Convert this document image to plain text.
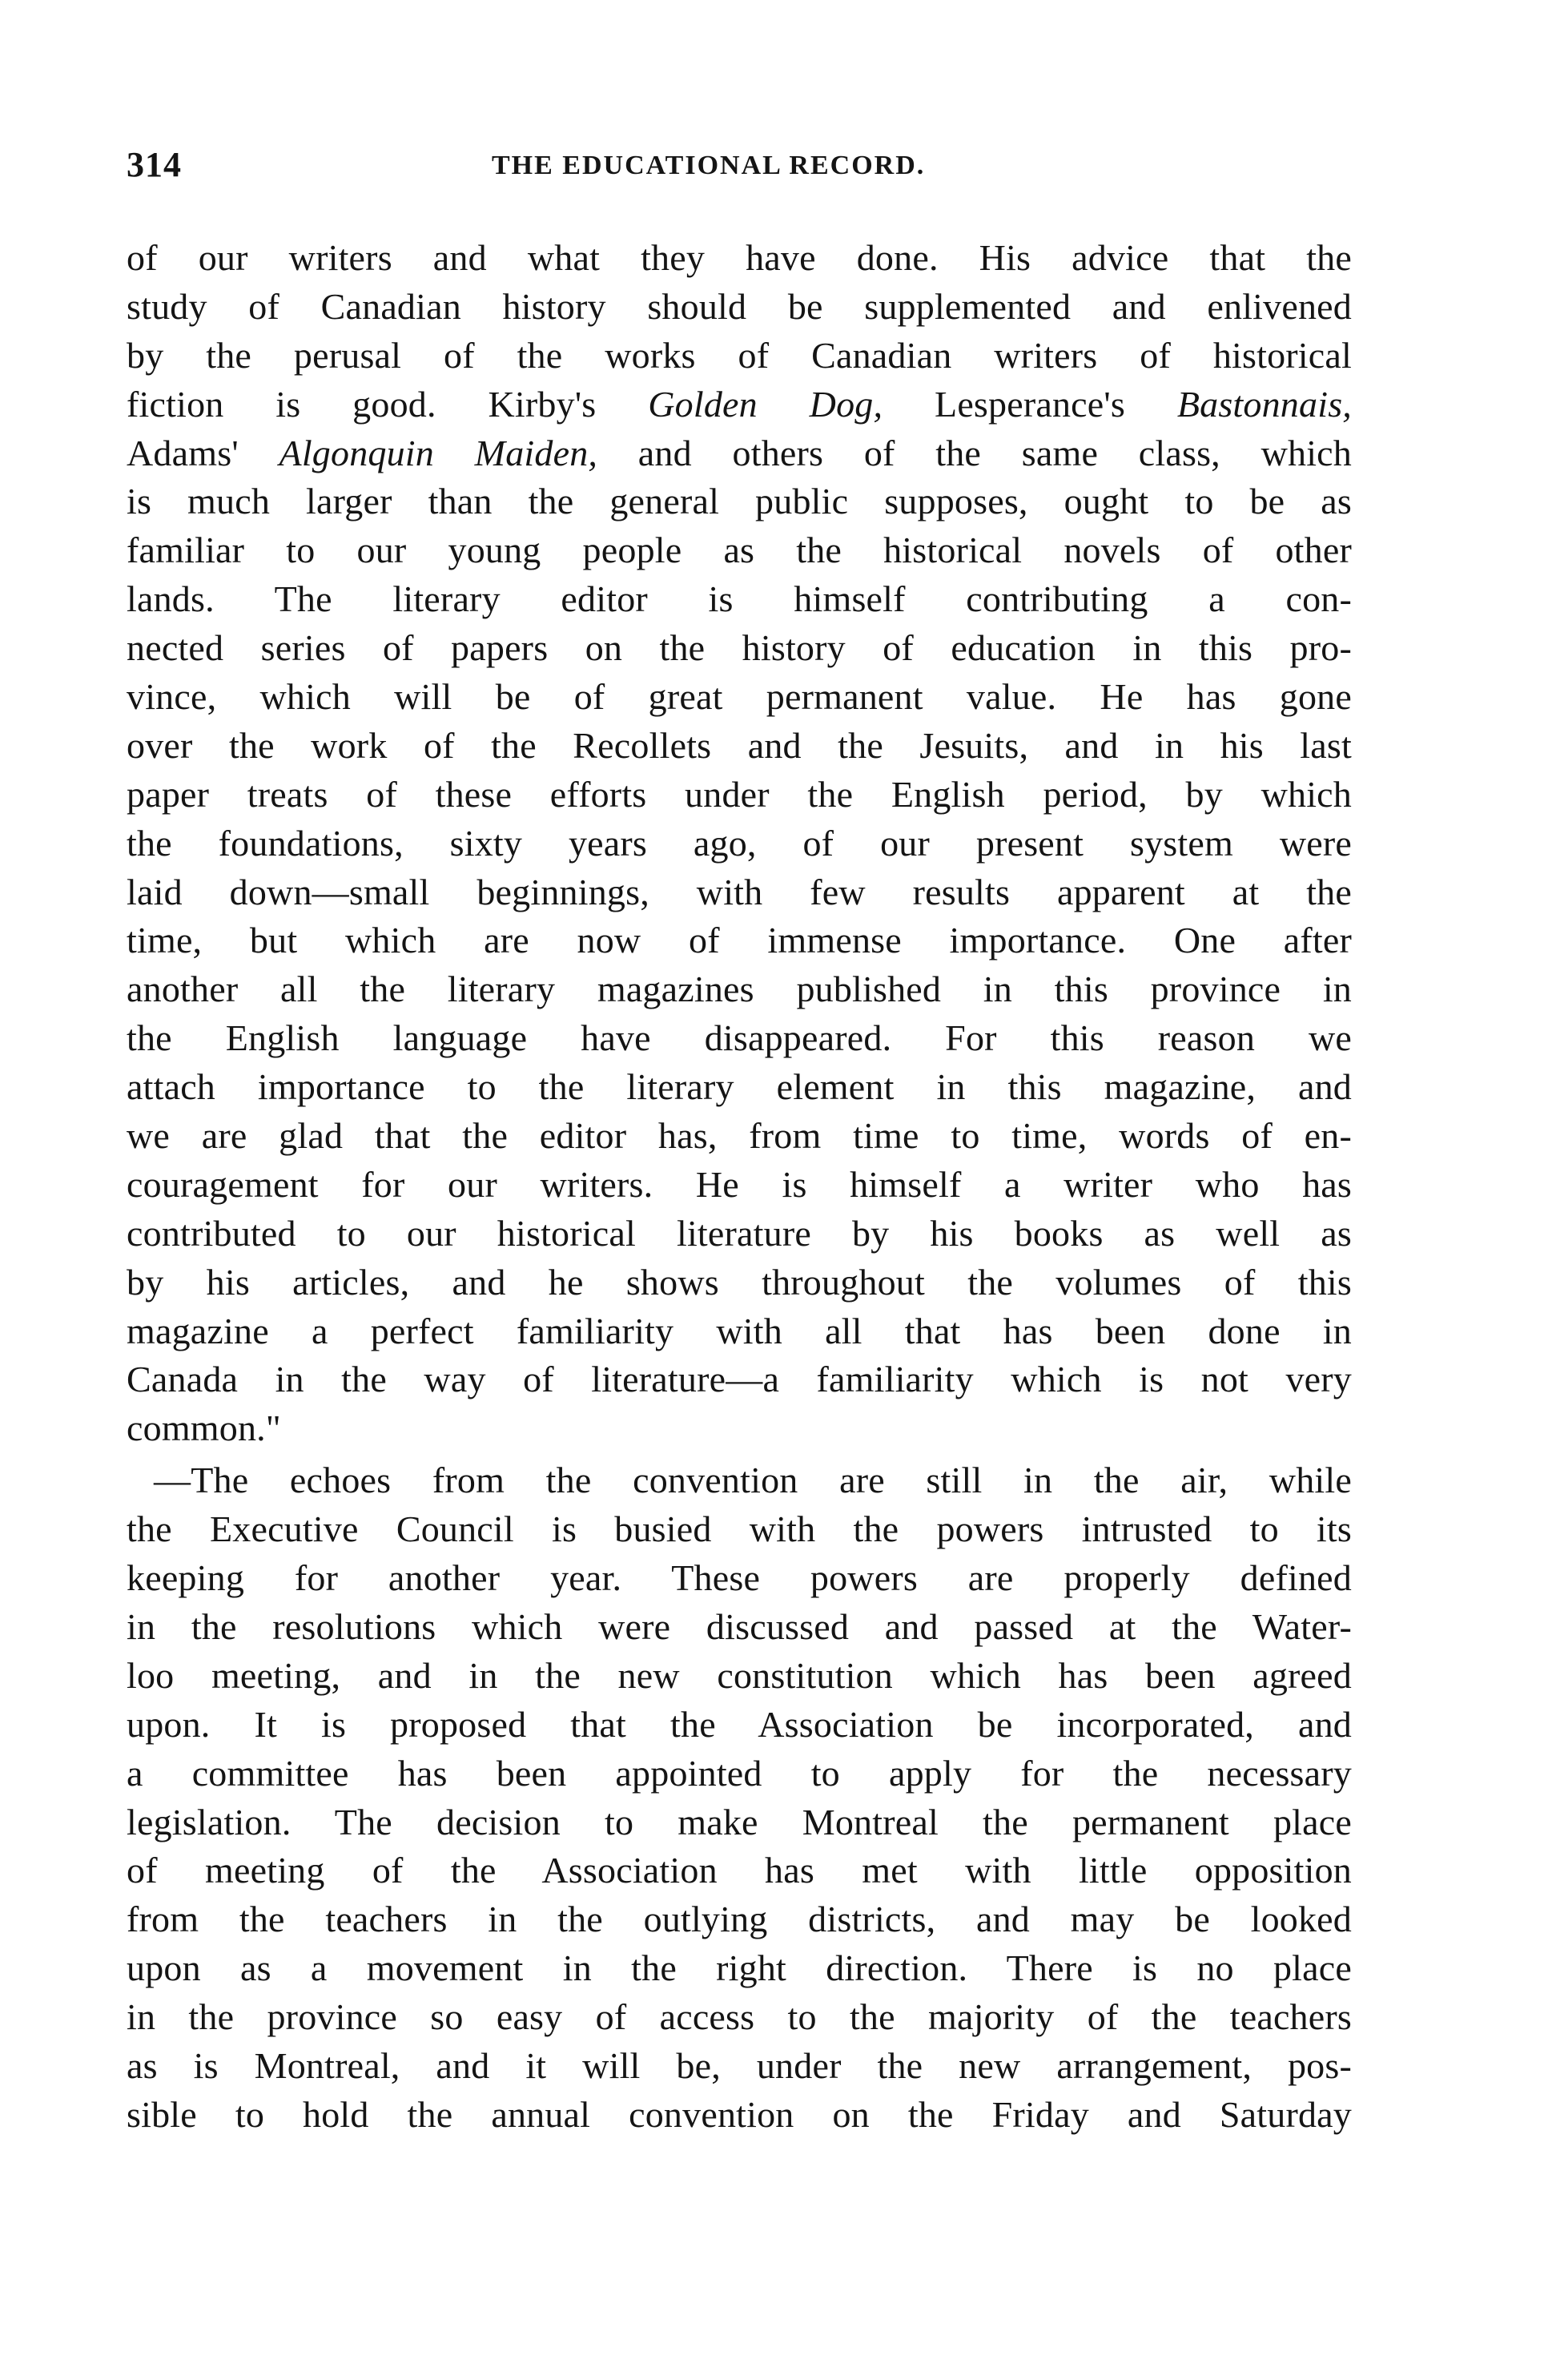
314	THE EDUCATIONAL RECORD.
of our writers and what they have done. His advice that the
study of Canadian history should be supplemented and enlivened
by the perusal of the works of Canadian writers of historical
fiction is good. Kirby's Golden Dog, Lesperance's Bastonnais,
Adams' Algonquin Maiden, and others of the same class, which
is much larger than the general public supposes, ought to be as
familiar to our young people as the historical novels of other
lands. The literary editor is himself contributing a con-
nected series of papers on the history of education in this pro-
vince, which will be of great permanent value. He has gone
over the work of the Recollets and the Jesuits, and in his last
paper treats of these efforts under the English period, by which
the foundations, sixty years ago, of our present system were
laid down—small beginnings, with few results apparent at the
time, but which are now of immense importance. One after
another all the literary magazines published in this province in
the English language have disappeared. For this reason we
attach importance to the literary element in this magazine, and
we are glad that the editor has, from time to time, words of en-
couragement for our writers. He is himself a writer who has
contributed to our historical literature by his books as well as
by his articles, and he shows throughout the volumes of this
magazine a perfect familiarity with all that has been done in
Canada in the way of literature—a familiarity which is not very
common."
—The echoes from the convention are still in the air, while
the Executive Council is busied with the powers intrusted to its
keeping for another year. These powers are properly defined
in the resolutions which were discussed and passed at the Water-
loo meeting, and in the new constitution which has been agreed
upon. It is proposed that the Association be incorporated, and
a committee has been appointed to apply for the necessary
legislation. The decision to make Montreal the permanent place
of meeting of the Association has met with little opposition
from the teachers in the outlying districts, and may be looked
upon as a movement in the right direction. There is no place
in the province so easy of access to the majority of the teachers
as is Montreal, and it will be, under the new arrangement, pos-
sible to hold the annual convention on the Friday and Saturday
